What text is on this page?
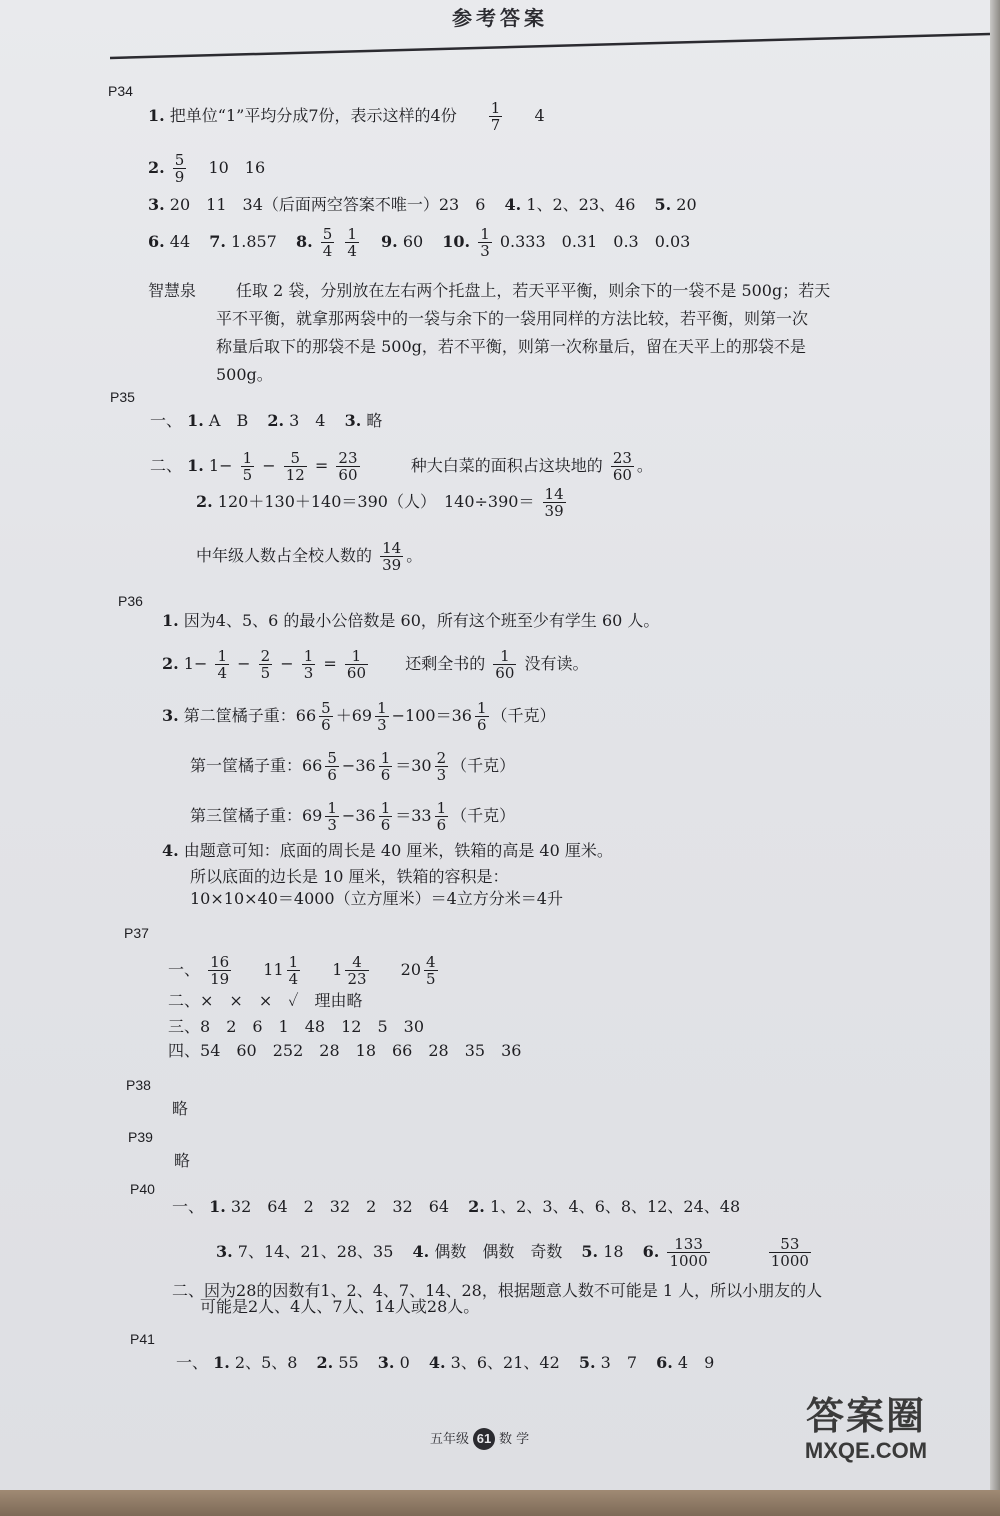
参考答案
P34
1. 把单位“1”平均分成7份，表示这样的4份 $\frac{1}{7} 4$
2. $\frac{5}{9} 10$　16
3. 20　11　34（后面两空答案不唯一）23　6 4. 1、2、23、46 5. 20
6. 44 7. 1.857 8. $\frac{5}{4}$
$\frac{1}{4} 9$. 60 10. $\frac{1}{3} 0.333$　0.31　0.3　0.03
智慧泉 任取 2 袋，分别放在左右两个托盘上，若天平平衡，则余下的一袋不是 500g；若天
平不平衡，就拿那两袋中的一袋与余下的一袋用同样的方法比较，若平衡，则第一次
称量后取下的那袋不是 500g，若不平衡，则第一次称量后，留在天平上的那袋不是
500g。
P35
一、 1. A　B 2. 3　4 3. 略
二、 1. $1- \frac{1}{5} - \frac{5}{12} = \frac{23}{60}$	种大白菜的面积占这块地的 $\frac{23}{60}$ 。
2. 120＋130＋140＝390（人）　$140\div 390= \frac{14}{39}$
中年级人数占全校人数的 $\frac{14}{39}$ 。
P36
1. 因为4、5、6 的最小公倍数是 60，所有这个班至少有学生 60 人。
2. $1- \frac{1}{4} - \frac{2}{5} - \frac{1}{3} = \frac{1}{60}$ 还剩全书的 $\frac{1}{60}$ 没有读。
3. 第二筐橘子重：$66 \frac{5}{6} +69 \frac{1}{3} -100=36 \frac{1}{6}$ （千克）
第一筐橘子重：$66 \frac{5}{6} -36 \frac{1}{6} =30 \frac{2}{3}$ （千克）
第三筐橘子重：$69 \frac{1}{3} -36 \frac{1}{6} =33 \frac{1}{6}$ （千克）
4. 由题意可知：底面的周长是 40 厘米，铁箱的高是 40 厘米。
所以底面的边长是 10 厘米，铁箱的容积是：
10×10×40＝4000（立方厘米）＝4立方分米＝4升
P37
一、 $\frac{16}{19} 11 \frac{1}{4} 1 \frac{4}{23} 20 \frac{4}{5}$
二、×　×　×　✓　理由略
三、8　2　6　1　48　12　5　30
四、54　60　252　28　18　66　28　35　36
P38
略
P39
略
P40
一、 1. 32　64　2　32　2　32　64 2. 1、2、3、4、6、8、12、24、48
3. 7、14、21、28、35 4. 偶数　偶数　奇数 5. 18 6. $\frac{133}{1000}$
	$\frac{53}{1000}$
二、因为28的因数有1、2、4、7、14、28，根据题意人数不可能是 1 人，所以小朋友的人
可能是2人、4人、7人、14人或28人。
P41
一、 1. 2、5、8 2. 55 3. 0 4. 3、6、21、42 5. 3　7 6. 4　9
五年级 61 数 学
答案圈
MXQE.COM
